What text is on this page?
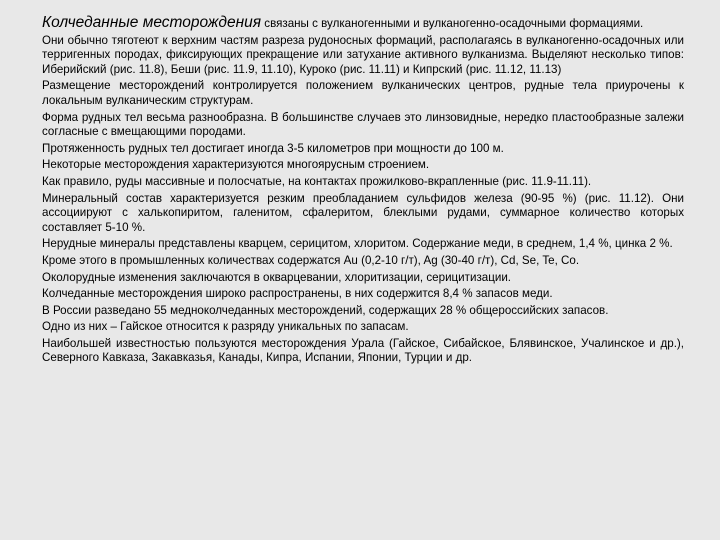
Колчеданные месторождения связаны с вулканогенными и вулканогенно-осадочными формациями.

Они обычно тяготеют к верхним частям разреза рудоносных формаций, располагаясь в вулканогенно-осадочных или терригенных породах, фиксирующих прекращение или затухание активного вулканизма. Выделяют несколько типов: Иберийский (рис. 11.8), Беши (рис. 11.9, 11.10), Куроко (рис. 11.11) и Кипрский (рис. 11.12, 11.13)

Размещение месторождений контролируется положением вулканических центров, рудные тела приурочены к локальным вулканическим структурам.

Форма рудных тел весьма разнообразна. В большинстве случаев это линзовидные, нередко пластообразные залежи согласные с вмещающими породами.

Протяженность рудных тел достигает иногда 3-5 километров при мощности до 100 м.

Некоторые месторождения характеризуются многоярусным строением.

Как правило, руды массивные и полосчатые, на контактах прожилково-вкрапленные (рис. 11.9-11.11).

Минеральный состав характеризуется резким преобладанием сульфидов железа (90-95 %) (рис. 11.12). Они ассоциируют с халькопиритом, галенитом, сфалеритом, блеклыми рудами, суммарное количество которых составляет 5-10 %.

Нерудные минералы представлены кварцем, серицитом, хлоритом. Содержание меди, в среднем, 1,4 %, цинка 2 %.

Кроме этого в промышленных количествах содержатся Au (0,2-10 г/т), Ag (30-40 г/т), Cd, Se, Te, Co.

Околорудные изменения заключаются в окварцевании, хлоритизации, серицитизации.

Колчеданные месторождения широко распространены, в них содержится 8,4 % запасов меди.

В России разведано 55 медноколчеданных месторождений, содержащих 28 % общероссийских запасов.

Одно из них – Гайское относится к разряду уникальных по запасам.

Наибольшей известностью пользуются месторождения Урала (Гайское, Сибайское, Блявинское, Учалинское и др.), Северного Кавказа, Закавказья, Канады, Кипра, Испании, Японии, Турции и др.
